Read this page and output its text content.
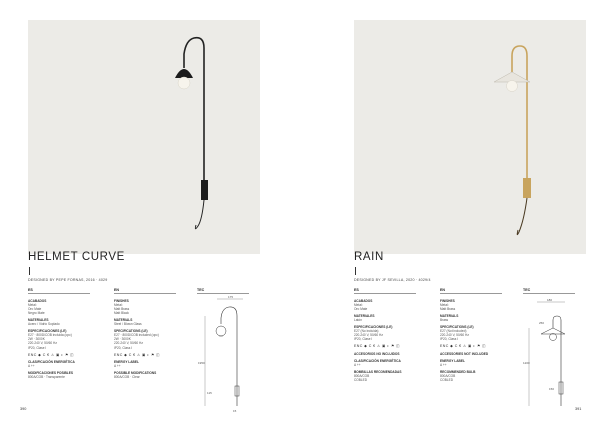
HELMET CURVE
DESIGNED BY PEPE FORNAS, 2016 · 4029
ES
ACABADOS
Metal:
Oro Mate
Negro Mate
MATERIALES
Acero / Vidrio Soplado
ESPECIFICACIONES (LE)
E27 · 800D/COB incluida (opc)
2W · 3000K
220-240 V, 50/60 Hz
IP20, Clase I
ENC ◆ C € ⚠ ▣ ◐ ⚑ ◫
CLASIFICACIÓN ENERGÉTICA
A ++
MODIFICACIONES POSIBLES
800A/COB · Transparente
EN
FINISHES
Metal:
Matt Brass
Matt Black
MATERIALS
Steel / Blown Glass
SPECIFICATIONS (LE)
E27 · 800D/COB included (opc)
2W · 3000K
220-240 V, 50/60 Hz
IP20, Class I
ENC ◆ C € ⚠ ▣ ◐ ⚑ ◫
ENERGY LABEL
A ++
POSSIBLE MODIFICATIONS
800A/COB · Clear
TEC
175
1950
115
15
390
RAIN
DESIGNED BY JF SEVILLA, 2020 · 4029/4
ES
ACABADOS
Metal:
Oro Mate
MATERIALES
Latón
ESPECIFICACIONES (LE)
E27 (No incluida)
220-240 V, 50/60 Hz
IP20, Clase I
ENC ◆ C € ⚠ ▣ ◐ ⚑ ◫
ACCESORIOS NO INCLUIDOS
CLASIFICACIÓN ENERGÉTICA
A ++
BOMBILLAS RECOMENDADAS
800A/COB
COBLED
EN
FINISHES
Metal:
Matt Brass
MATERIALS
Brass
SPECIFICATIONS (LE)
E27 (Not included)
220-240 V, 50/60 Hz
IP20, Class I
ENC ◆ C € ⚠ ▣ ◐ ⚑ ◫
ACCESSORIES NOT INCLUDED
ENERGY LABEL
A ++
RECOMMENDED BULB
800A/COB
COBLED
TEC
180
1200
250
150
391
